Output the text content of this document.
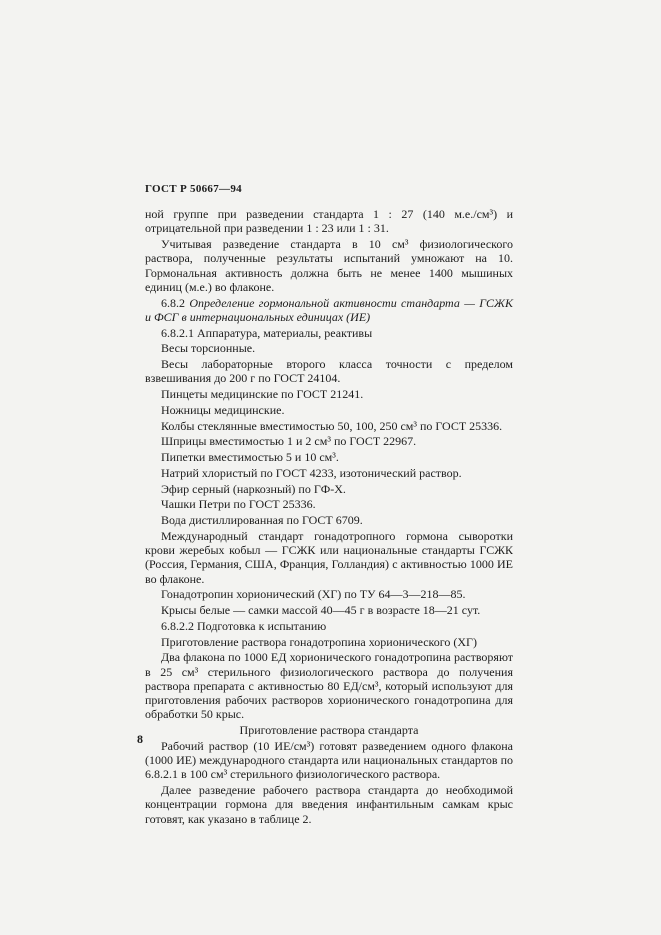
ГОСТ Р 50667—94

ной группе при разведении стандарта 1 : 27 (140 м.е./см³) и отрицательной при разведении 1 : 23 или 1 : 31.

Учитывая разведение стандарта в 10 см³ физиологического раствора, полученные результаты испытаний умножают на 10. Гормональная активность должна быть не менее 1400 мышиных единиц (м.е.) во флаконе.

6.8.2 Определение гормональной активности стандарта — ГСЖК и ФСГ в интернациональных единицах (ИЕ)

6.8.2.1 Аппаратура, материалы, реактивы

Весы торсионные.

Весы лабораторные второго класса точности с пределом взвешивания до 200 г по ГОСТ 24104.

Пинцеты медицинские по ГОСТ 21241.

Ножницы медицинские.

Колбы стеклянные вместимостью 50, 100, 250 см³ по ГОСТ 25336.

Шприцы вместимостью 1 и 2 см³ по ГОСТ 22967.

Пипетки вместимостью 5 и 10 см³.

Натрий хлористый по ГОСТ 4233, изотонический раствор.

Эфир серный (наркозный) по ГФ-Х.

Чашки Петри по ГОСТ 25336.

Вода дистиллированная по ГОСТ 6709.

Международный стандарт гонадотропного гормона сыворотки крови жеребых кобыл — ГСЖК или национальные стандарты ГСЖК (Россия, Германия, США, Франция, Голландия) с активностью 1000 ИЕ во флаконе.

Гонадотропин хорионический (ХГ) по ТУ 64—3—218—85.

Крысы белые — самки массой 40—45 г в возрасте 18—21 сут.

6.8.2.2 Подготовка к испытанию

Приготовление раствора гонадотропина хорионического (ХГ)

Два флакона по 1000 ЕД хорионического гонадотропина растворяют в 25 см³ стерильного физиологического раствора до получения раствора препарата с активностью 80 ЕД/см³, который используют для приготовления рабочих растворов хорионического гонадотропина для обработки 50 крыс.

Приготовление раствора стандарта

Рабочий раствор (10 ИЕ/см³) готовят разведением одного флакона (1000 ИЕ) международного стандарта или национальных стандартов по 6.8.2.1 в 100 см³ стерильного физиологического раствора.

Далее разведение рабочего раствора стандарта до необходимой концентрации гормона для введения инфантильным самкам крыс готовят, как указано в таблице 2.

8
